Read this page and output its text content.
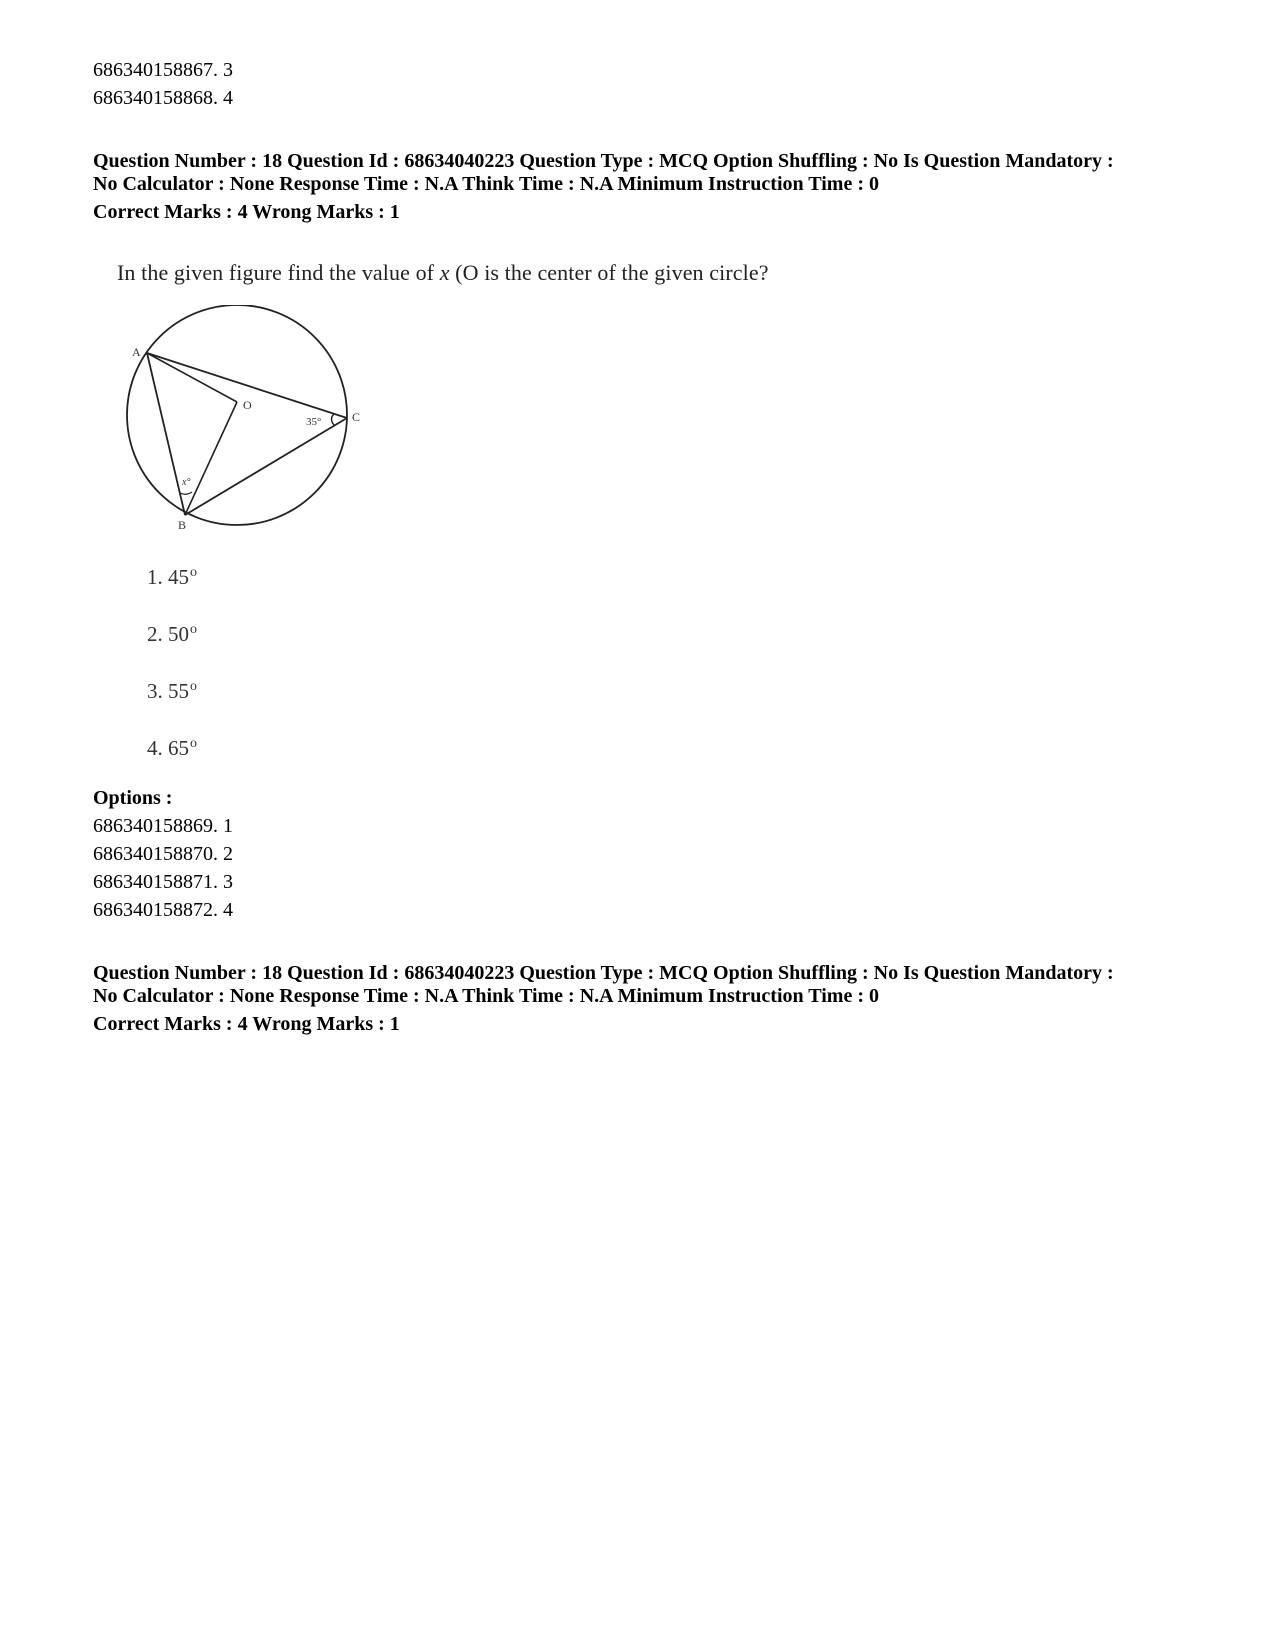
686340158867. 3
686340158868. 4
Question Number : 18 Question Id : 68634040223 Question Type : MCQ Option Shuffling : No Is Question Mandatory :
No Calculator : None Response Time : N.A Think Time : N.A Minimum Instruction Time : 0
Correct Marks : 4 Wrong Marks : 1
In the given figure find the value of x (O is the center of the given circle?
A
B
C
O
35°
x°
1. 45$^o$
2. 50$^o$
3. 55$^o$
4. 65$^o$
Options :
686340158869. 1
686340158870. 2
686340158871. 3
686340158872. 4
Question Number : 18 Question Id : 68634040223 Question Type : MCQ Option Shuffling : No Is Question Mandatory :
No Calculator : None Response Time : N.A Think Time : N.A Minimum Instruction Time : 0
Correct Marks : 4 Wrong Marks : 1
